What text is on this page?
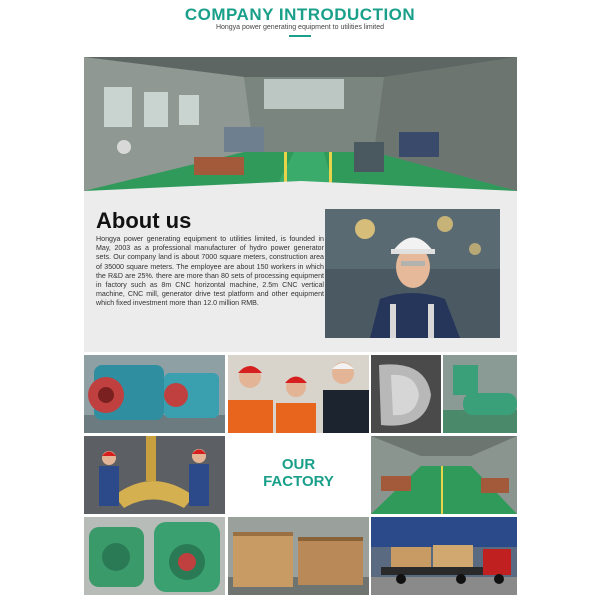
COMPANY INTRODUCTION
Hongya power generating equipment to utilities limited
About us
Hongya power generating equipment to utilities limited, is founded in May, 2003 as a professional manufacturer of hydro power generator sets. Our company land is about 7000 square meters, construction area of 35000 square meters. The employee are about 150 workers in which the R&D are 25%. there are more than 80 sets of processing equipment in factory such as 8m CNC horizontal machine, 2.5m CNC vertical machine, CNC mill, generator drive test platform and other equipment which fixed investment more than 12.0 million RMB.
OUR
FACTORY
